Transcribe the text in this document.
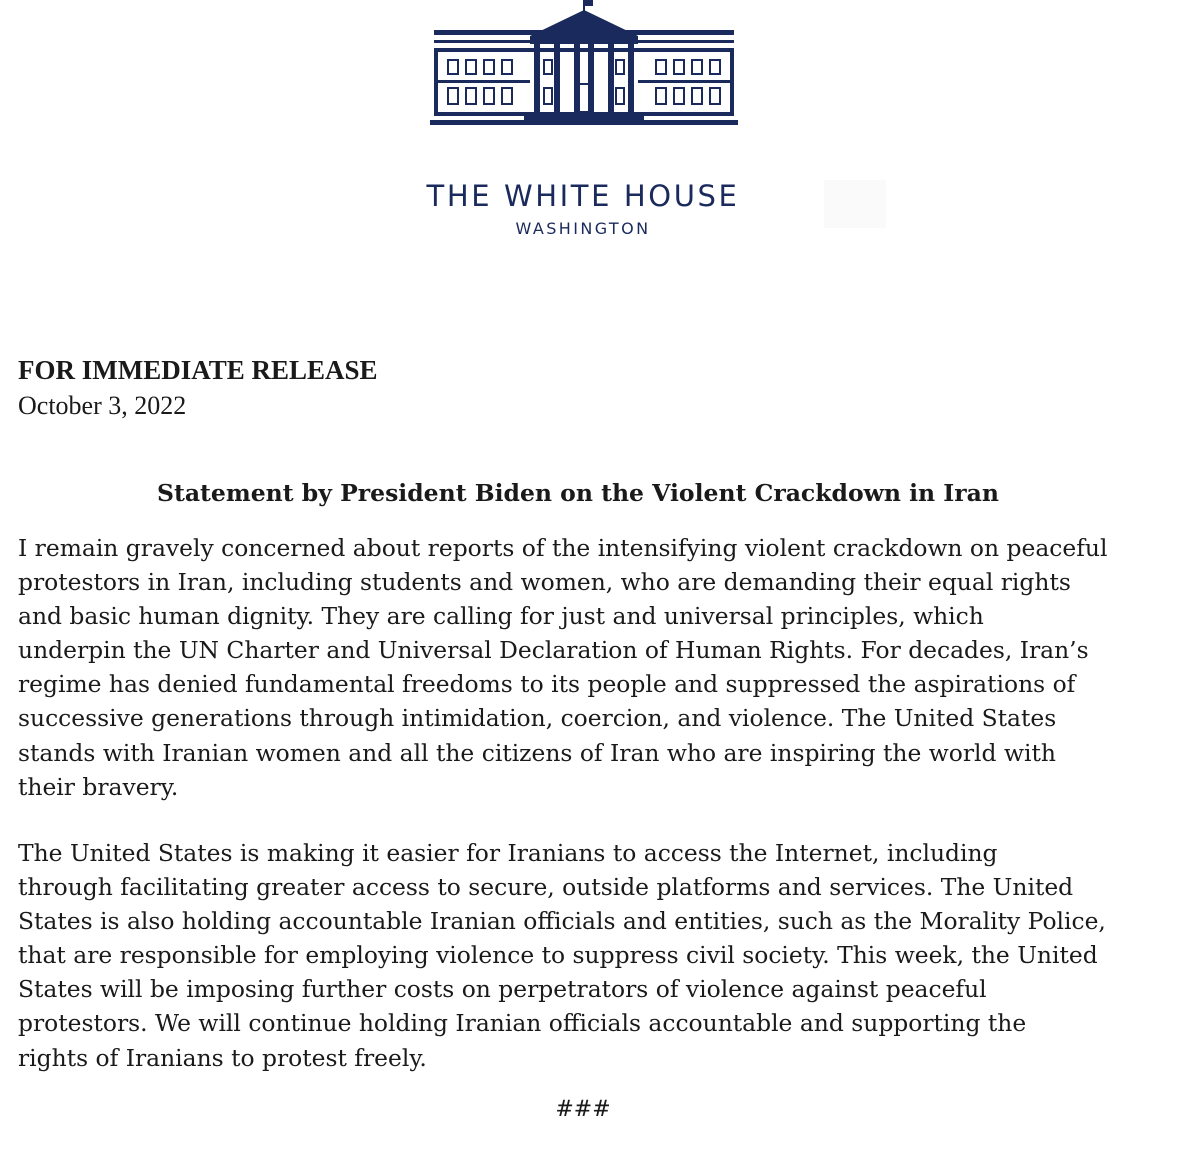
THE WHITE HOUSE
WASHINGTON

FOR IMMEDIATE RELEASE

October 3, 2022

Statement by President Biden on the Violent Crackdown in Iran

I remain gravely concerned about reports of the intensifying violent crackdown on peaceful
protestors in Iran, including students and women, who are demanding their equal rights
and basic human dignity. They are calling for just and universal principles, which
underpin the UN Charter and Universal Declaration of Human Rights. For decades, Iran’s
regime has denied fundamental freedoms to its people and suppressed the aspirations of
successive generations through intimidation, coercion, and violence. The United States
stands with Iranian women and all the citizens of Iran who are inspiring the world with
their bravery.
The United States is making it easier for Iranians to access the Internet, including
through facilitating greater access to secure, outside platforms and services. The United
States is also holding accountable Iranian officials and entities, such as the Morality Police,
that are responsible for employing violence to suppress civil society. This week, the United
States will be imposing further costs on perpetrators of violence against peaceful
protestors. We will continue holding Iranian officials accountable and supporting the
rights of Iranians to protest freely.

###
